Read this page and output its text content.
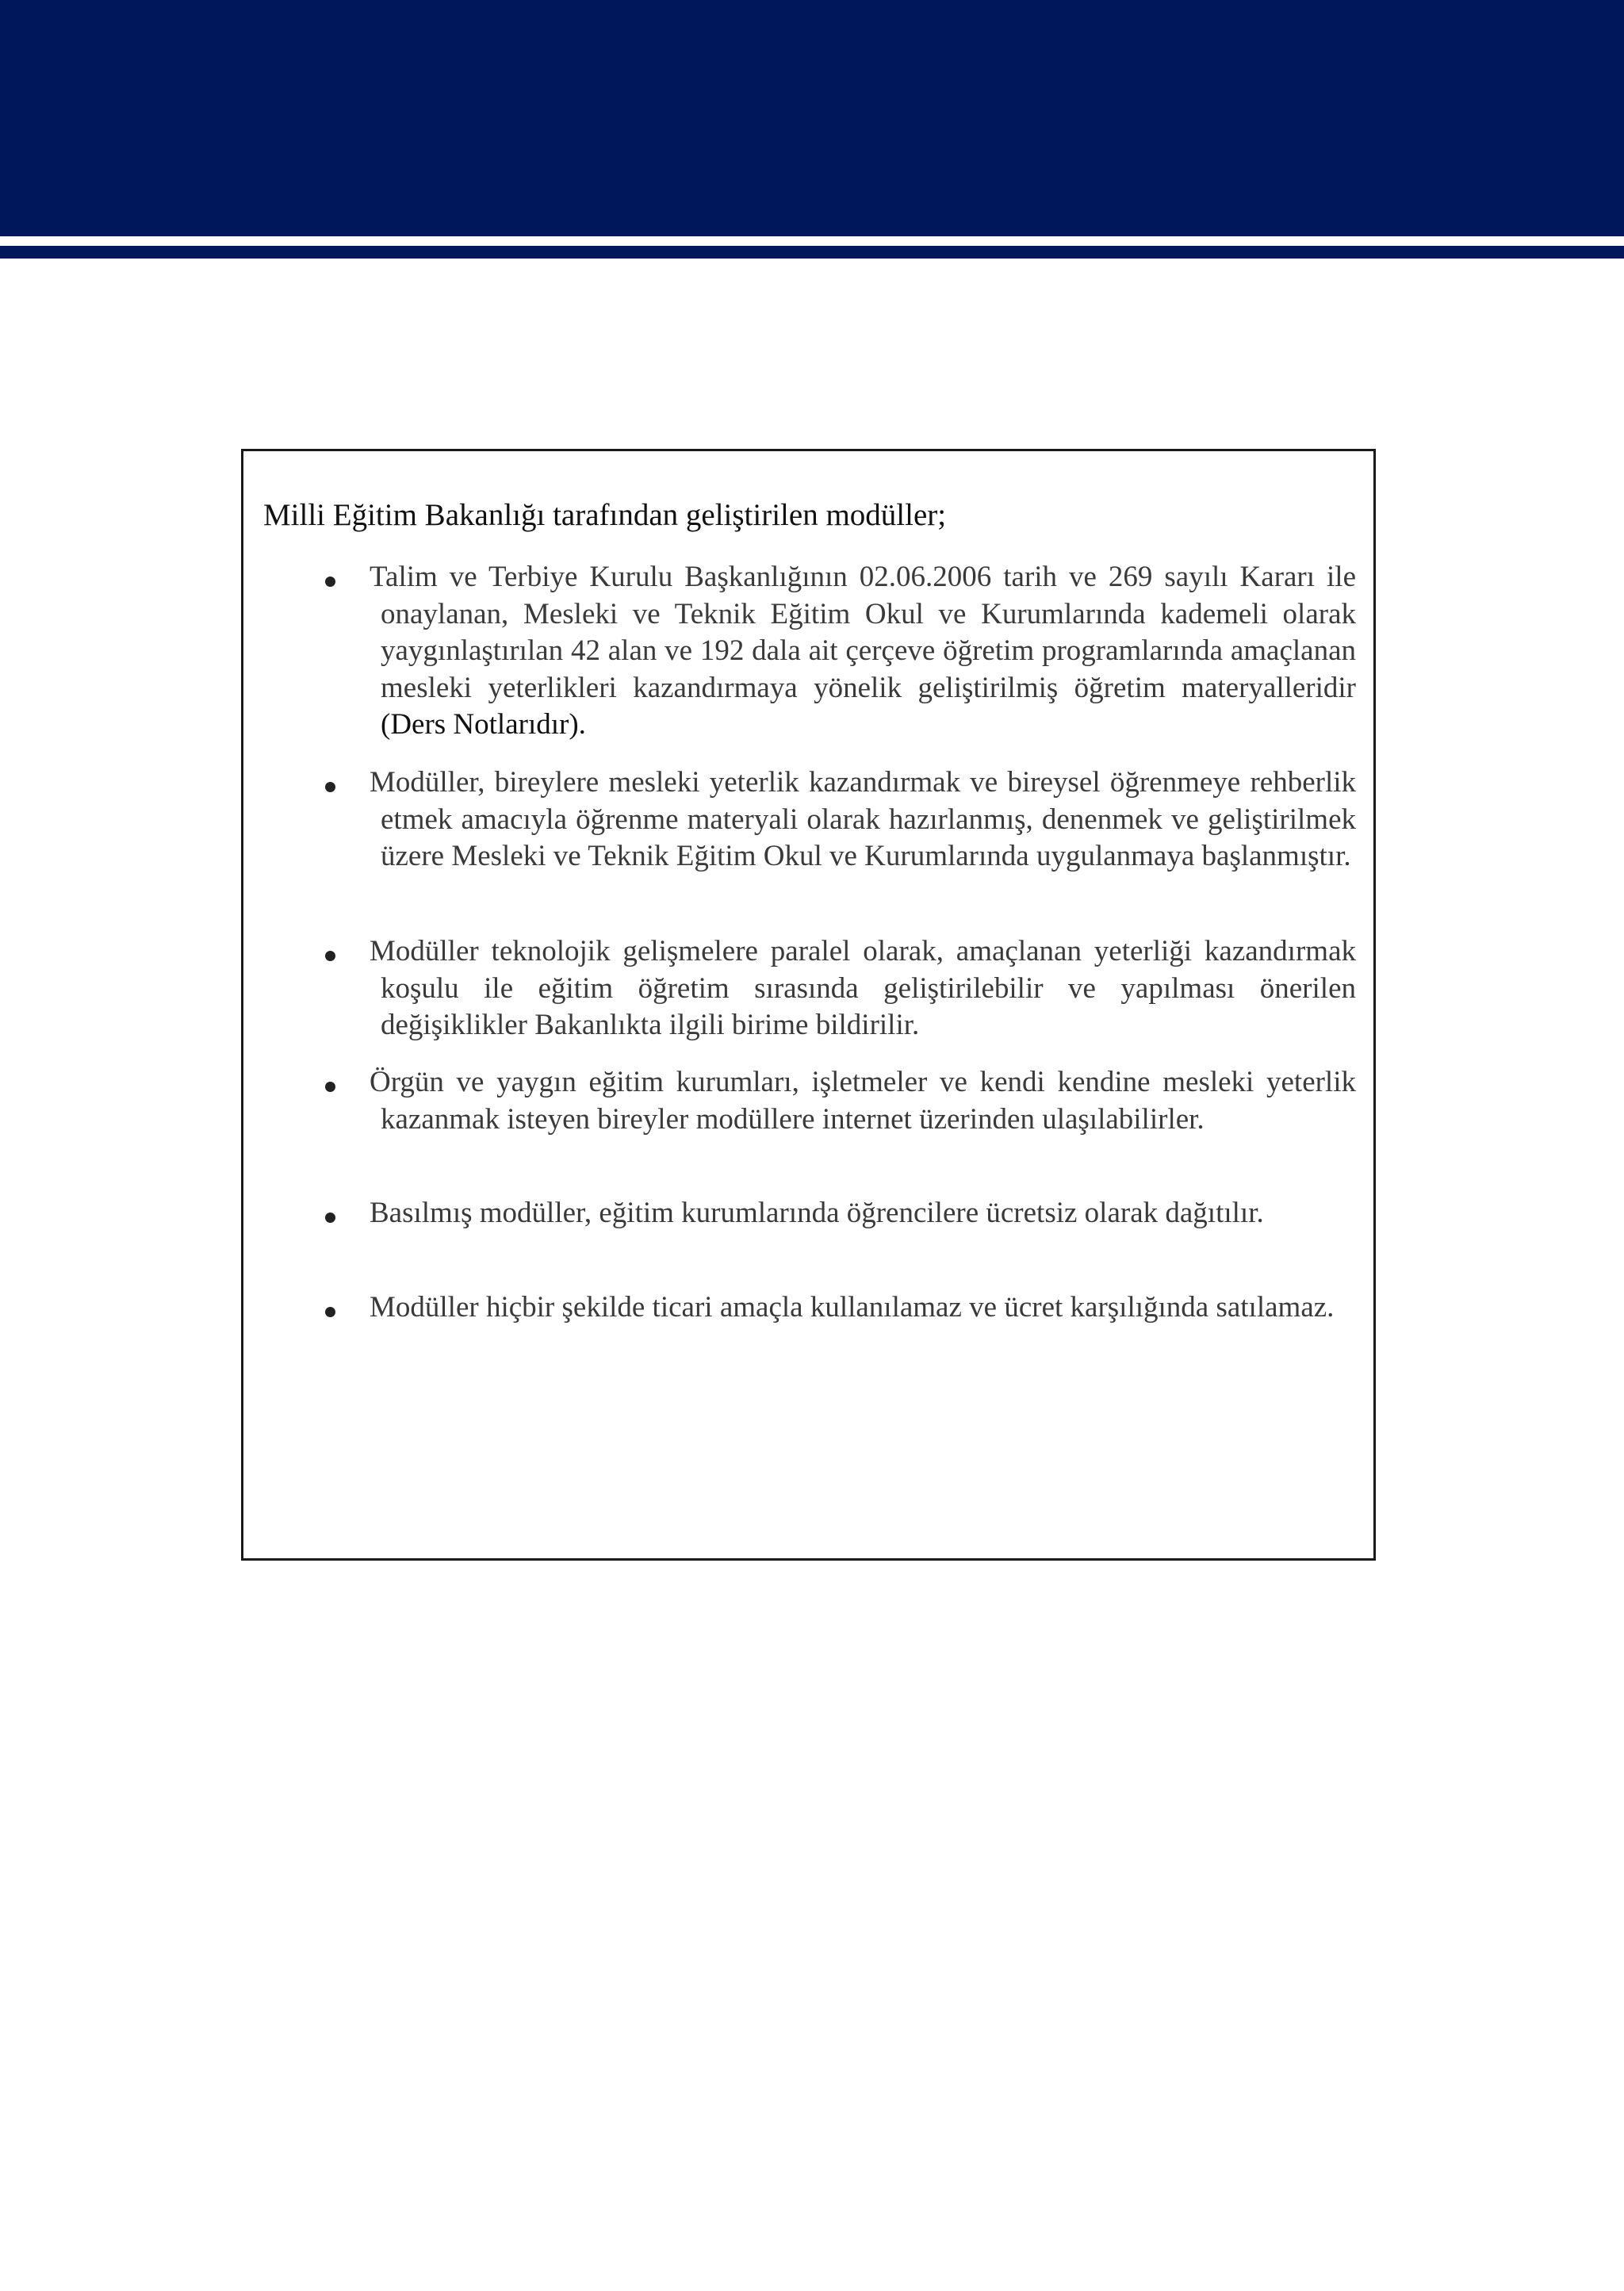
Milli Eğitim Bakanlığı tarafından geliştirilen modüller;

Talim ve Terbiye Kurulu Başkanlığının 02.06.2006 tarih ve 269 sayılı Kararı ile onaylanan, Mesleki ve Teknik Eğitim Okul ve Kurumlarında kademeli olarak yaygınlaştırılan 42 alan ve 192 dala ait çerçeve öğretim programlarında amaçlanan mesleki yeterlikleri kazandırmaya yönelik geliştirilmiş öğretim materyalleridir (Ders Notlarıdır).

Modüller, bireylere mesleki yeterlik kazandırmak ve bireysel öğrenmeye rehberlik etmek amacıyla öğrenme materyali olarak hazırlanmış, denenmek ve geliştirilmek üzere Mesleki ve Teknik Eğitim Okul ve Kurumlarında uygulanmaya başlanmıştır.

Modüller teknolojik gelişmelere paralel olarak, amaçlanan yeterliği kazandırmak koşulu ile eğitim öğretim sırasında geliştirilebilir ve yapılması önerilen değişiklikler Bakanlıkta ilgili birime bildirilir.

Örgün ve yaygın eğitim kurumları, işletmeler ve kendi kendine mesleki yeterlik kazanmak isteyen bireyler modüllere internet üzerinden ulaşılabilirler.

Basılmış modüller, eğitim kurumlarında öğrencilere ücretsiz olarak dağıtılır.

Modüller hiçbir şekilde ticari amaçla kullanılamaz ve ücret karşılığında satılamaz.
